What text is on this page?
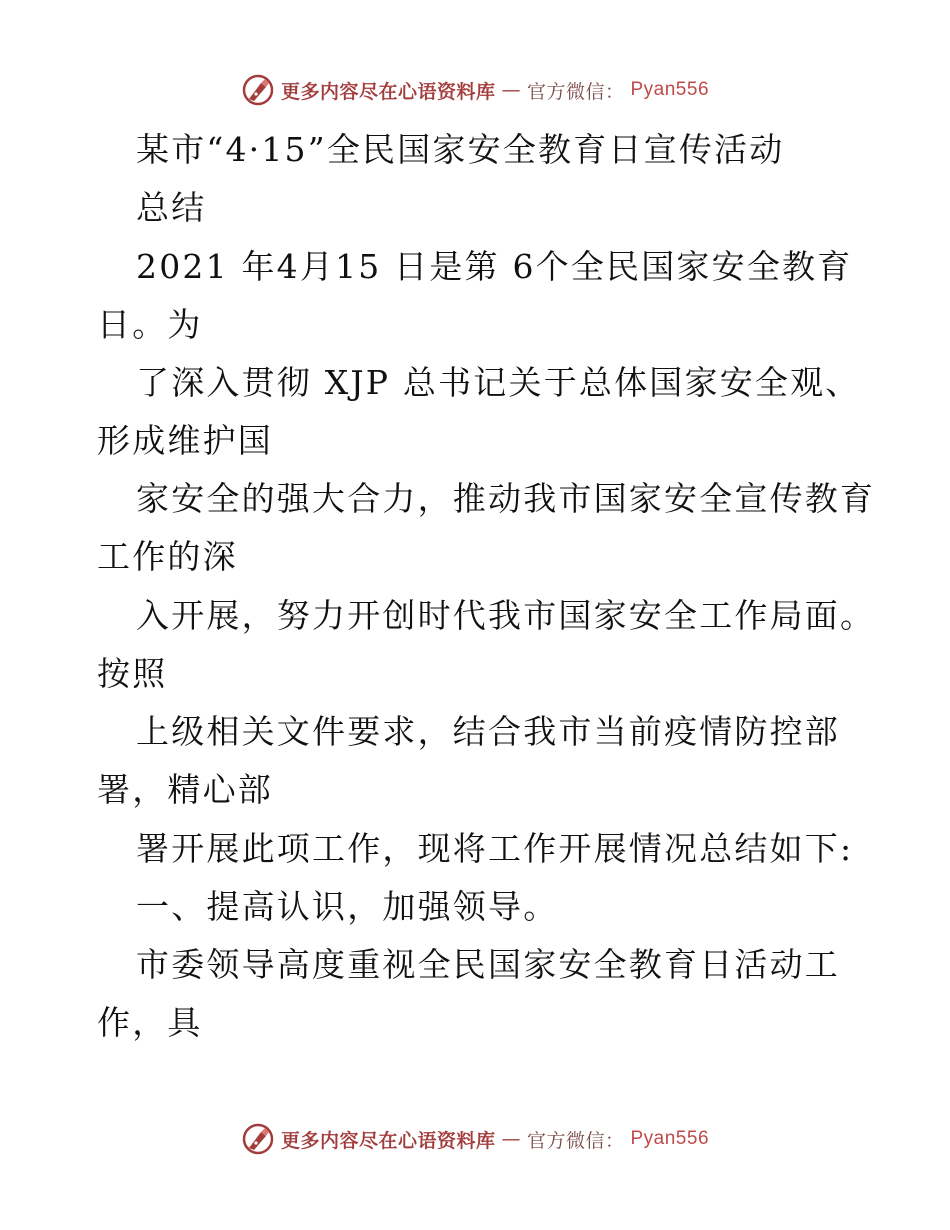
更多内容尽在心语资料库 — 官方微信： Pyan556
某市“4·15”全民国家安全教育日宣传活动
总结
2021 年4月15 日是第 6个全民国家安全教育
日。为
了深入贯彻 XJP 总书记关于总体国家安全观、
形成维护国
家安全的强大合力，推动我市国家安全宣传教育
工作的深
入开展，努力开创时代我市国家安全工作局面。
按照
上级相关文件要求，结合我市当前疫情防控部
署，精心部
署开展此项工作，现将工作开展情况总结如下:
一、提高认识，加强领导。
市委领导高度重视全民国家安全教育日活动工
作，具
更多内容尽在心语资料库 — 官方微信： Pyan556
